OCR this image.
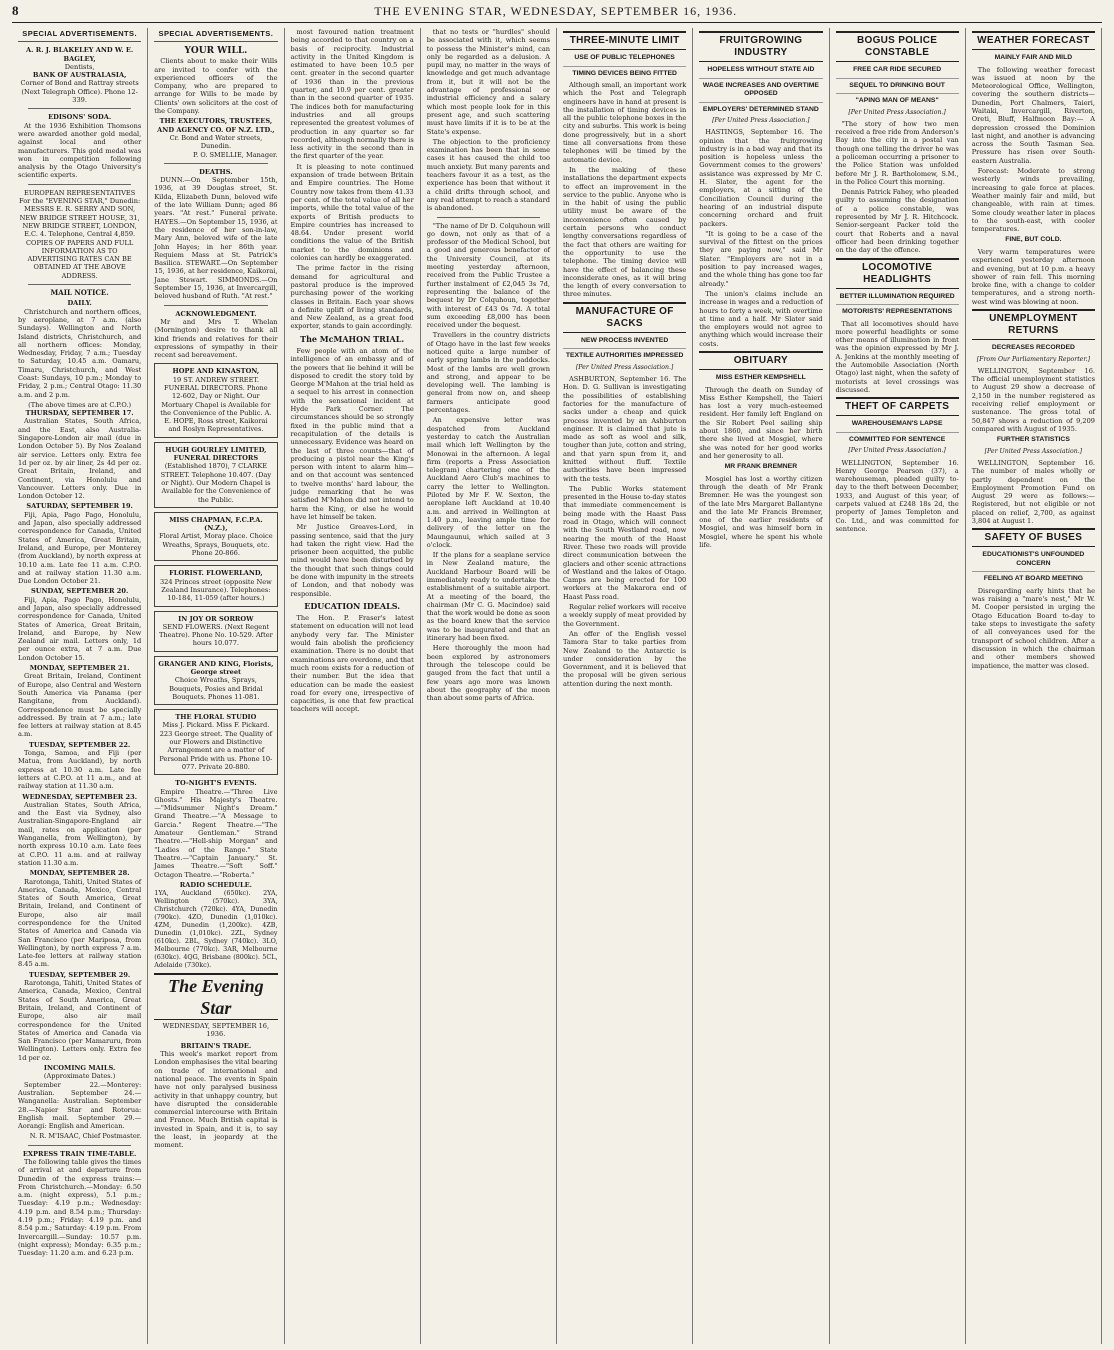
8	THE EVENING STAR, WEDNESDAY, SEPTEMBER 16, 1936.
SPECIAL ADVERTISEMENTS.
A. R. J. BLAKELEY AND W. E. BAGLEY,
Dentists,
BANK OF AUSTRALASIA,
Corner of Bond and Rattray streets (Next Telegraph Office). Phone 12-339.
EDISONS' SODA.

At the 1936 Exhibition Thomsons were awarded another gold medal, against local and other manufacturers. This gold medal was won in competition following analysis by the Otago University's scientific experts.

EUROPEAN REPRESENTATIVES For the "EVENING STAR," Dunedin:

MESSRS E. R. SERRY AND SON, NEW BRIDGE STREET HOUSE, 31, NEW BRIDGE STREET, LONDON, E.C. 4. Telephone, Central 4,859. COPIES OF PAPERS AND FULL INFORMATION AS TO ADVERTISING RATES CAN BE OBTAINED AT THE ABOVE ADDRESS.

MAIL NOTICE.
DAILY.

Christchurch and northern offices, by aeroplane, at 7 a.m. (also Sundays). Wellington and North Island districts, Christchurch, and all northern offices: Monday, Wednesday, Friday, 7 a.m.; Tuesday to Saturday, 10.45 a.m. Oamaru, Timaru, Christchurch, and West Coast: Sundays, 10 p.m.; Monday to Friday, 2 p.m.; Central Otago: 11.30 a.m. and 2 p.m.

(The above times are at C.P.O.)
THURSDAY, SEPTEMBER 17.

Australian States, South Africa, and the East, also Australia-Singapore-London air mail (due in London October 5). By Nos Zealand air service. Letters only. Extra fee 1d per oz. by air liner, 2s 4d per oz. Great Britain, Ireland, and Continent, via Honolulu and Vancouver. Letters only. Due in London October 12.

SATURDAY, SEPTEMBER 19.

Fiji, Apia, Pago Pago, Honolulu, and Japan, also specially addressed correspondence for Canada, United States of America, Great Britain, Ireland, and Europe, per Monterey (from Auckland), by north express at 10.10 a.m. Late fee 11 a.m. C.P.O. and at railway station 11.30 a.m. Due London October 21.

SUNDAY, SEPTEMBER 20.

Fiji, Apia, Pago Pago, Honolulu, and Japan, also specially addressed correspondence for Canada, United States of America, Great Britain, Ireland, and Europe, by New Zealand air mail. Letters only, 1d per ounce extra, at 7 a.m. Due London October 15.

MONDAY, SEPTEMBER 21.

Great Britain, Ireland, Continent of Europe, also Central and Western South America via Panama (per Rangitane, from Auckland). Correspondence must be specially addressed. By train at 7 a.m.; late fee letters at railway station at 8.45 a.m.

TUESDAY, SEPTEMBER 22.

Tonga, Samoa, and Fiji (per Matua, from Auckland), by north express at 10.30 a.m. Late fee letters at C.P.O. at 11 a.m., and at railway station at 11.30 a.m.

WEDNESDAY, SEPTEMBER 23.

Australian States, South Africa, and the East via Sydney, also Australian-Singapore-England air mail, rates on application (per Wanganella, from Wellington), by north express 10.10 a.m. Late fees at C.P.O. 11 a.m. and at railway station 11.30 a.m.

MONDAY, SEPTEMBER 28.

Rarotonga, Tahiti, United States of America, Canada, Mexico, Central States of South America, Great Britain, Ireland, and Continent of Europe, also air mail correspondence for the United States of America and Canada via San Francisco (per Mariposa, from Wellington), by north express 7 a.m. Late-fee letters at railway station 8.45 a.m.

TUESDAY, SEPTEMBER 29.

Rarotonga, Tahiti, United States of America, Canada, Mexico, Central States of South America, Great Britain, Ireland, and Continent of Europe, also air mail correspondence for the United States of America and Canada via San Francisco (per Mamaruru, from Wellington). Letters only. Extra fee 1d per oz.

INCOMING MAILS.
(Approximate Dates.)

September 22.—Monterey: Australian. September 24.—Wanganella: Australian. September 28.—Napier Star and Rotorua: English mail. September 29.—Aorangi: English and American.

N. R. M'ISAAC, Chief Postmaster.
EXPRESS TRAIN TIME-TABLE.

The following table gives the times of arrival at and departure from Dunedin of the express trains:— From Christchurch.—Monday: 6.50 a.m. (night express), 5.1 p.m.; Tuesday: 4.19 p.m.; Wednesday: 4.19 p.m. and 8.54 p.m.; Thursday: 4.19 p.m.; Friday: 4.19 p.m. and 8.54 p.m.; Saturday: 4.19 p.m. From Invercargill.—Sunday: 10.57 p.m. (night express); Monday: 6.35 p.m.; Tuesday: 11.20 a.m. and 6.23 p.m.

SPECIAL ADVERTISEMENTS.
YOUR WILL.

Clients about to make their Wills are invited to confer with the experienced officers of the Company, who are prepared to arrange for Wills to be made by Clients' own solicitors at the cost of the Company.

THE EXECUTORS, TRUSTEES, AND AGENCY CO. OF N.Z. LTD.,
Cr. Bond and Water streets, Dunedin.
P. O. SMELLIE, Manager.
DEATHS.

DUNN.—On September 15th, 1936, at 39 Douglas street, St. Kilda, Elizabeth Dunn, beloved wife of the late William Dunn; aged 86 years. "At rest." Funeral private. HAYES.—On September 15, 1936, at the residence of her son-in-law, Mary Ann, beloved wife of the late John Hayes; in her 86th year. Requiem Mass at St. Patrick's Basilica. STEWART.—On September 15, 1936, at her residence, Kaikorai, Jane Stewart. SIMMONDS.—On September 15, 1936, at Invercargill, beloved husband of Ruth. "At rest."

ACKNOWLEDGMENT.

Mr and Mrs T. Whelan (Mornington) desire to thank all kind friends and relatives for their expressions of sympathy in their recent sad bereavement.

HOPE AND KINASTON,
19 ST. ANDREW STREET. FUNERAL DIRECTORS. Phone 12-602, Day or Night. Our Mortuary Chapel is Available for the Convenience of the Public. A. E. HOPE, Ross street, Kaikorai and Roslyn Representatives.
HUGH GOURLEY LIMITED, FUNERAL DIRECTORS
(Established 1870), 7 CLARKE STREET. Telephone 10.407. (Day or Night). Our Modern Chapel is Available for the Convenience of the Public.
MISS CHAPMAN, F.C.P.A. (N.Z.),
Floral Artist, Moray place. Choice Wreaths, Sprays, Bouquets, etc. Phone 20-866.
FLORIST. FLOWERLAND,
324 Princes street (opposite New Zealand Insurance). Telephones: 10-184, 11-059 (after hours.)
IN JOY OR SORROW
SEND FLOWERS. (Next Regent Theatre). Phone No. 10-529. After hours 10.077.
GRANGER AND KING, Florists, George street
Choice Wreaths, Sprays, Bouquets, Posies and Bridal Bouquets. Phones 11-081.
THE FLORAL STUDIO
Miss J. Pickard. Miss F. Pickard. 223 George street. The Quality of our Flowers and Distinctive Arrangement are a matter of Personal Pride with us. Phone 10-077. Private 20-880.
TO-NIGHT'S EVENTS.

Empire Theatre.—"Three Live Ghosts." His Majesty's Theatre.—"Midsummer Night's Dream." Grand Theatre.—"A Message to Garcia." Regent Theatre.—"The Amateur Gentleman." Strand Theatre.—"Hell-ship Morgan" and "Ladies of the Range." State Theatre.—"Captain January." St. James Theatre.—"Soft Soff." Octagon Theatre.—"Roberta."

RADIO SCHEDULE.

1YA, Auckland (650kc). 2YA, Wellington (570kc). 3YA, Christchurch (720kc). 4YA, Dunedin (790kc). 4ZO, Dunedin (1,010kc). 4ZM, Dunedin (1,200kc). 4ZB, Dunedin (1,010kc). 2ZL, Sydney (610kc). 2BL, Sydney (740kc). 3LO, Melbourne (770kc). 3AR, Melbourne (630kc). 4QG, Brisbane (800kc). 5CL, Adelaide (730kc).

The Evening Star
WEDNESDAY, SEPTEMBER 16, 1936.
BRITAIN'S TRADE.

This week's market report from London emphasises the vital bearing on trade of international and national peace. The events in Spain have not only paralysed business activity in that unhappy country, but have disrupted the considerable commercial intercourse with Britain and France. Much British capital is invested in Spain, and it is, to say the least, in jeopardy at the moment.

most favoured nation treatment being accorded to that country on a basis of reciprocity. Industrial activity in the United Kingdom is estimated to have been 10.5 per cent. greater in the second quarter of 1936 than in the previous quarter, and 10.9 per cent. greater than in the second quarter of 1935. The indices both for manufacturing industries and all groups represented the greatest volumes of production in any quarter so far recorded, although normally there is less activity in the second than in the first quarter of the year.

It is pleasing to note continued expansion of trade between Britain and Empire countries. The Home Country now takes from them 41.33 per cent. of the total value of all her imports, while the total value of the exports of British products to Empire countries has increased to 48.64. Under present world conditions the value of the British market to the dominions and colonies can hardly be exaggerated.

The prime factor in the rising demand for agricultural and pastoral produce is the improved purchasing power of the working classes in Britain. Each year shows a definite uplift of living standards, and New Zealand, as a great food exporter, stands to gain accordingly.

The McMAHON TRIAL.

Few people with an atom of the intelligence of an embassy and of the powers that lie behind it will be disposed to credit the story told by George M'Mahon at the trial held as a sequel to his arrest in connection with the sensational incident at Hyde Park Corner. The circumstances should be so strongly fixed in the public mind that a recapitulation of the details is unnecessary. Evidence was heard on the last of three counts—that of producing a pistol near the King's person with intent to alarm him—and on that account was sentenced to twelve months' hard labour, the judge remarking that he was satisfied M'Mahon did not intend to harm the King, or else he would have let himself be taken.

Mr Justice Greaves-Lord, in passing sentence, said that the jury had taken the right view. Had the prisoner been acquitted, the public mind would have been disturbed by the thought that such things could be done with impunity in the streets of London, and that nobody was responsible.

EDUCATION IDEALS.

The Hon. P. Fraser's latest statement on education will not lead anybody very far. The Minister would fain abolish the proficiency examination. There is no doubt that examinations are overdone, and that much room exists for a reduction of their number. But the idea that education can be made the easiest road for every one, irrespective of capacities, is one that few practical teachers will accept.

that no tests or "hurdles" should be associated with it, which seems to possess the Minister's mind, can only be regarded as a delusion. A pupil may, no matter in the ways of knowledge and get much advantage from it, but it will not be the advantage of professional or industrial efficiency and a salary which most people look for in this present age, and such scattering must have limits if it is to be at the State's expense.

The objection to the proficiency examination has been that in some cases it has caused the child too much anxiety. But many parents and teachers favour it as a test, as the experience has been that without it a child drifts through school, and any real attempt to reach a standard is abandoned.

"The name of Dr D. Colquhoun will go down, not only as that of a professor of the Medical School, but a good and generous benefactor of the University Council, at its meeting yesterday afternoon, received from the Public Trustee a further instalment of £2,045 3s 7d, representing the balance of the bequest by Dr Colquhoun, together with interest of £43 0s 7d. A total sum exceeding £8,000 has been received under the bequest.

Travellers in the country districts of Otago have in the last few weeks noticed quite a large number of early spring lambs in the paddocks. Most of the lambs are well grown and strong, and appear to be developing well. The lambing is general from now on, and sheep farmers anticipate good percentages.

An expensive letter was despatched from Auckland yesterday to catch the Australian mail which left Wellington by the Monowai in the afternoon. A legal firm (reports a Press Association telegram) chartering one of the Auckland Aero Club's machines to carry the letter to Wellington. Piloted by Mr F. W. Sexton, the aeroplane left Auckland at 10.40 a.m. and arrived in Wellington at 1.40 p.m., leaving ample time for delivery of the letter on the Maungaunui, which sailed at 3 o'clock.

If the plans for a seaplane service in New Zealand mature, the Auckland Harbour Board will be immediately ready to undertake the establishment of a suitable airport. At a meeting of the board, the chairman (Mr C. G. Macindoe) said that the work would be done as soon as the board knew that the service was to be inaugurated and that an itinerary had been fixed.

Here thoroughly the moon had been explored by astronomers through the telescope could be gauged from the fact that until a few years ago more was known about the geography of the moon than about some parts of Africa.

THREE-MINUTE LIMIT
USE OF PUBLIC TELEPHONES
TIMING DEVICES BEING FITTED

Although small, an important work which the Post and Telegraph engineers have in hand at present is the installation of timing devices in all the public telephone boxes in the city and suburbs. This work is being done progressively, but in a short time all conversations from these telephones will be timed by the automatic device.

In the making of these installations the department expects to effect an improvement in the service to the public. Anyone who is in the habit of using the public utility must be aware of the inconvenience often caused by certain persons who conduct lengthy conversations regardless of the fact that others are waiting for the opportunity to use the telephone. The timing device will have the effect of balancing these inconsiderate ones, as it will bring the length of every conversation to three minutes.

MANUFACTURE OF SACKS
NEW PROCESS INVENTED
TEXTILE AUTHORITIES IMPRESSED
[Per United Press Association.]

ASHBURTON, September 16. The Hon. D. G. Sullivan is investigating the possibilities of establishing factories for the manufacture of sacks under a cheap and quick process invented by an Ashburton engineer. It is claimed that jute is made as soft as wool and silk, tougher than jute, cotton and string, and that yarn spun from it, and knitted without fluff. Textile authorities have been impressed with the tests.

The Public Works statement presented in the House to-day states that immediate commencement is being made with the Haast Pass road in Otago, which will connect with the South Westland road, now nearing the mouth of the Haast River. These two roads will provide direct communication between the glaciers and other scenic attractions of Westland and the lakes of Otago. Camps are being erected for 100 workers at the Makarora end of Haast Pass road.

Regular relief workers will receive a weekly supply of meat provided by the Government.

An offer of the English vessel Tamora Star to take parties from New Zealand to the Antarctic is under consideration by the Government, and it is believed that the proposal will be given serious attention during the next month.

FRUITGROWING INDUSTRY
HOPELESS WITHOUT STATE AID
WAGE INCREASES AND OVERTIME OPPOSED
EMPLOYERS' DETERMINED STAND
[Per United Press Association.]

HASTINGS, September 16. The opinion that the fruitgrowing industry is in a bad way and that its position is hopeless unless the Government comes to the growers' assistance was expressed by Mr C. H. Slater, the agent for the employers, at a sitting of the Conciliation Council during the hearing of an industrial dispute concerning orchard and fruit packers.

"It is going to be a case of the survival of the fittest on the prices they are paying now," said Mr Slater. "Employers are not in a position to pay increased wages, and the whole thing has gone too far already."

The union's claims include an increase in wages and a reduction of hours to forty a week, with overtime at time and a half. Mr Slater said the employers would not agree to anything which would increase their costs.

OBITUARY
MISS ESTHER KEMPSHELL

Through the death on Sunday of Miss Esther Kempshell, the Taieri has lost a very much-esteemed resident. Her family left England on the Sir Robert Peel sailing ship about 1860, and since her birth there she lived at Mosgiel, where she was noted for her good works and her generosity to all.

MR FRANK BREMNER

Mosgiel has lost a worthy citizen through the death of Mr Frank Bremner. He was the youngest son of the late Mrs Margaret Ballantyne and the late Mr Francis Bremner, one of the earlier residents of Mosgiel, and was himself born in Mosgiel, where he spent his whole life.

BOGUS POLICE CONSTABLE
FREE CAR RIDE SECURED
SEQUEL TO DRINKING BOUT
"APING MAN OF MEANS"
[Per United Press Association.]

"The story of how two men received a free ride from Anderson's Bay into the city in a postal van though one telling the driver he was a policeman occurring a prisoner to the Police Station was unfolded before Mr J. R. Bartholomew, S.M., in the Police Court this morning.

Dennis Patrick Fahey, who pleaded guilty to assuming the designation of a police constable, was represented by Mr J. R. Hitchcock. Senior-sergeant Packer told the court that Roberts and a naval officer had been drinking together on the day of the offence.

LOCOMOTIVE HEADLIGHTS
BETTER ILLUMINATION REQUIRED
MOTORISTS' REPRESENTATIONS

That all locomotives should have more powerful headlights or some other means of illumination in front was the opinion expressed by Mr J. A. Jenkins at the monthly meeting of the Automobile Association (North Otago) last night, when the safety of motorists at level crossings was discussed.

THEFT OF CARPETS
WAREHOUSEMAN'S LAPSE
COMMITTED FOR SENTENCE
[Per United Press Association.]

WELLINGTON, September 16. Henry George Pearson (37), a warehouseman, pleaded guilty to-day to the theft between December, 1933, and August of this year, of carpets valued at £248 18s 2d, the property of James Templeton and Co. Ltd., and was committed for sentence.

WEATHER FORECAST
MAINLY FAIR AND MILD

The following weather forecast was issued at noon by the Meteorological Office, Wellington, covering the southern districts—Dunedin, Port Chalmers, Taieri, Waitaki, Invercargill, Riverton, Oreti, Bluff, Halfmoon Bay:— A depression crossed the Dominion last night, and another is advancing across the South Tasman Sea. Pressure has risen over South-eastern Australia.

Forecast: Moderate to strong westerly winds prevailing, increasing to gale force at places. Weather mainly fair and mild, but changeable, with rain at times. Some cloudy weather later in places to the south-east, with cooler temperatures.

FINE, BUT COLD.

Very warm temperatures were experienced yesterday afternoon and evening, but at 10 p.m. a heavy shower of rain fell. This morning broke fine, with a change to colder temperatures, and a strong north-west wind was blowing at noon.

UNEMPLOYMENT RETURNS
DECREASES RECORDED
[From Our Parliamentary Reporter.]

WELLINGTON, September 16. The official unemployment statistics to August 29 show a decrease of 2,150 in the number registered as receiving relief employment or sustenance. The gross total of 50,847 shows a reduction of 9,209 compared with August of 1935.

FURTHER STATISTICS
[Per United Press Association.]

WELLINGTON, September 16. The number of males wholly or partly dependent on the Employment Promotion Fund on August 29 were as follows:— Registered, but not eligible or not placed on relief, 2,700, as against 3,804 at August 1.

SAFETY OF BUSES
EDUCATIONIST'S UNFOUNDED CONCERN
FEELING AT BOARD MEETING

Disregarding early hints that he was raising a "mare's nest," Mr W. M. Cooper persisted in urging the Otago Education Board to-day to take steps to investigate the safety of all conveyances used for the transport of school children. After a discussion in which the chairman and other members showed impatience, the matter was closed.
